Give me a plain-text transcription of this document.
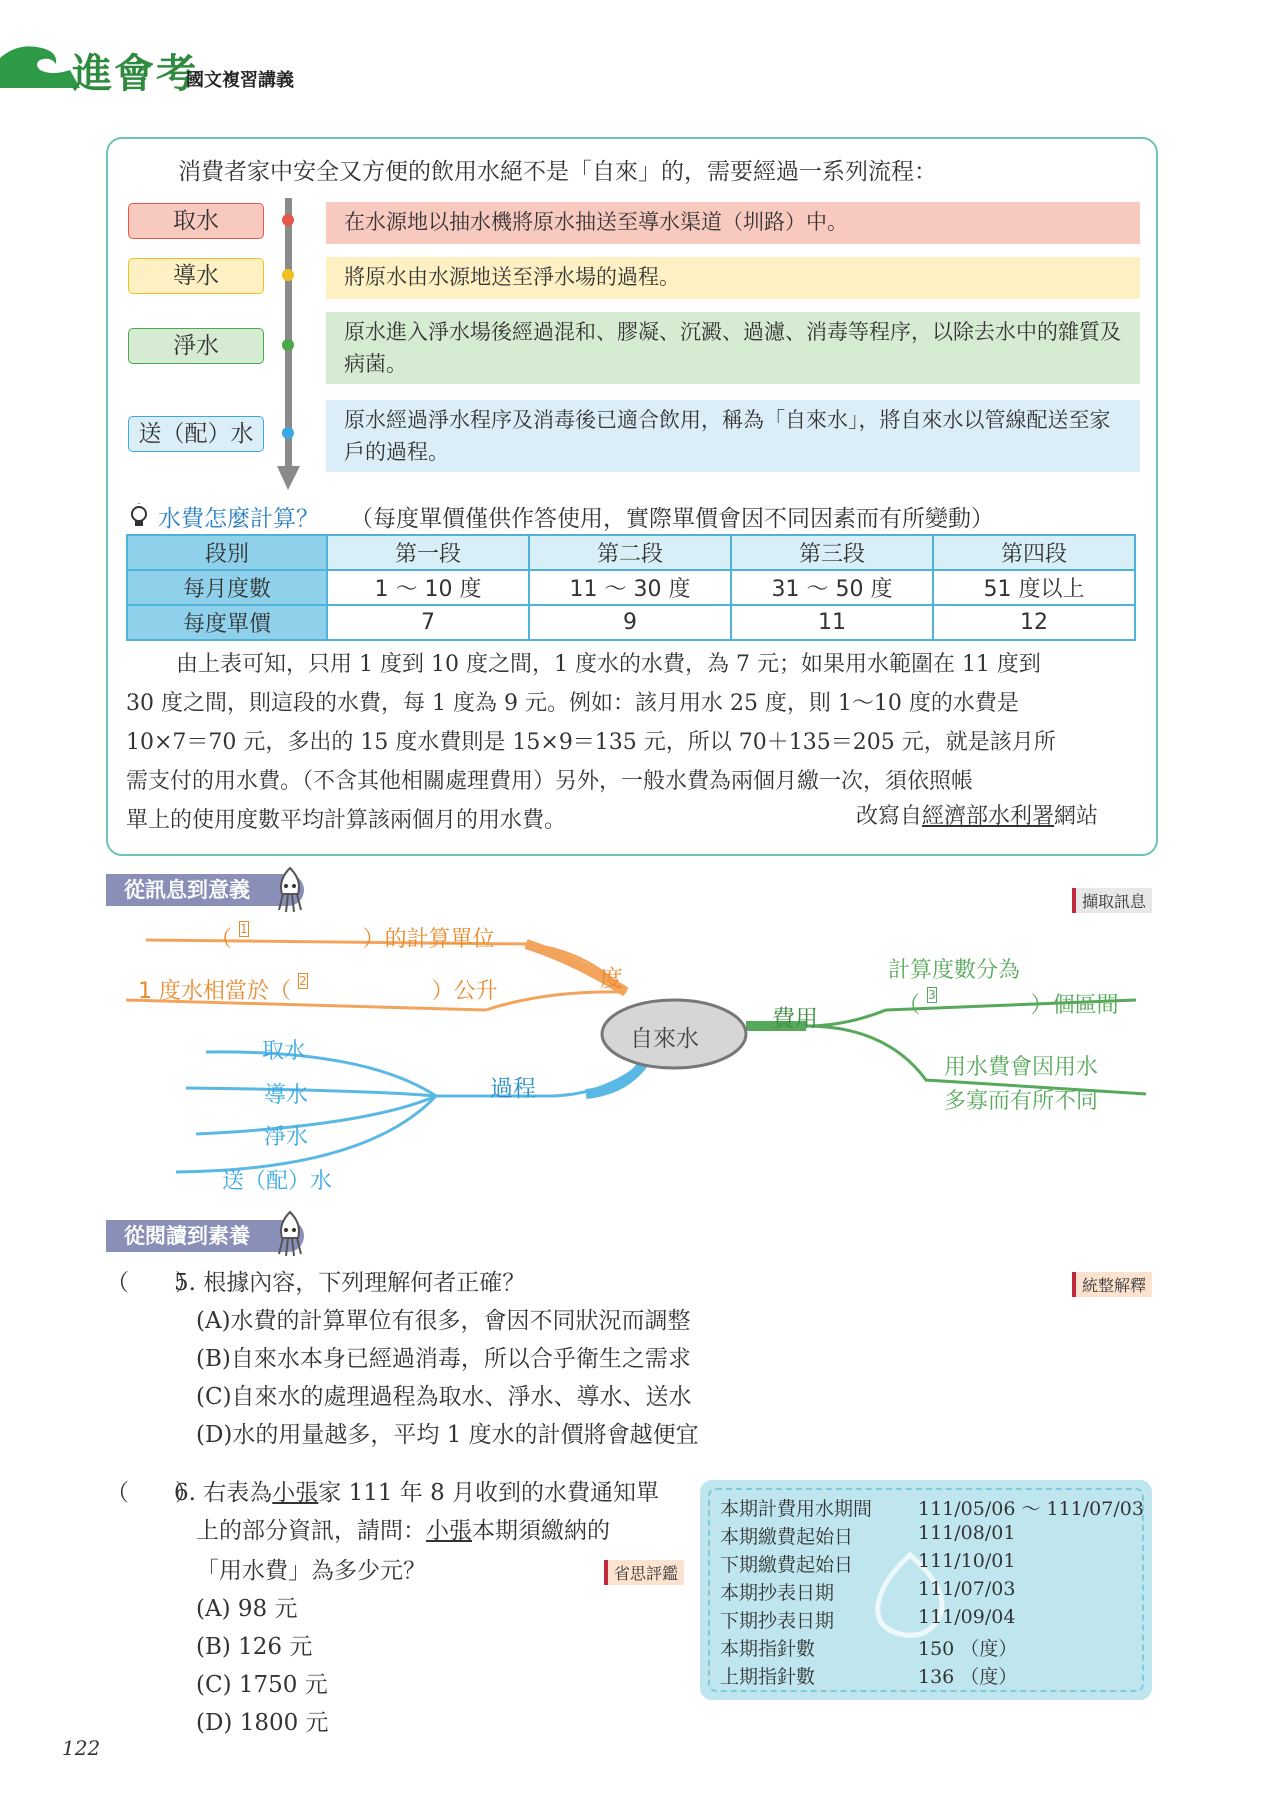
進會考
國文複習講義
消費者家中安全又方便的飲用水絕不是「自來」的，需要經過一系列流程：
取水
導水
淨水
送（配）水
在水源地以抽水機將原水抽送至導水渠道（圳路）中。
將原水由水源地送至淨水場的過程。
原水進入淨水場後經過混和、膠凝、沉澱、過濾、消毒等程序，以除去水中的雜質及病菌。
原水經過淨水程序及消毒後已適合飲用，稱為「自來水」，將自來水以管線配送至家戶的過程。
水費怎麼計算？ （每度單價僅供作答使用，實際單價會因不同因素而有所變動）
段別	第一段	第二段	第三段	第四段
每月度數	1 ～ 10 度	11 ～ 30 度	31 ～ 50 度	51 度以上
每度單價	7	9	11	12

由上表可知，只用 1 度到 10 度之間，1 度水的水費，為 7 元；如果用水範圍在 11 度到

30 度之間，則這段的水費，每 1 度為 9 元。例如：該月用水 25 度，則 1～10 度的水費是

10×7＝70 元，多出的 15 度水費則是 15×9＝135 元，所以 70＋135＝205 元，就是該月所

需支付的用水費。（不含其他相關處理費用）另外，一般水費為兩個月繳一次，須依照帳

單上的使用度數平均計算該兩個月的用水費。	改寫自經濟部水利署網站
從訊息到意義	擷取訊息
自來水
度
（ $^1$	）的計算單位
1 度水相當於（ $^2$	）公升
費用
計算度數分為
（ $^3$	）個區間
用水費會因用水
多寡而有所不同
過程
取水
導水
淨水
送（配）水
從閱讀到素養
統整解釋
（　　）
5. 根據內容，下列理解何者正確？
(A)水費的計算單位有很多，會因不同狀況而調整
(B)自來水本身已經過消毒，所以合乎衛生之需求
(C)自來水的處理過程為取水、淨水、導水、送水
(D)水的用量越多，平均 1 度水的計價將會越便宜
（　　）
6. 右表為小張家 111 年 8 月收到的水費通知單
上的部分資訊，請問：小張本期須繳納的
「用水費」為多少元？	省思評鑑
(A) 98 元
(B) 126 元
(C) 1750 元
(D) 1800 元
本期計費用水期間 111/05/06 ～ 111/07/03
本期繳費起始日	111/08/01
下期繳費起始日	111/10/01
本期抄表日期	111/07/03
下期抄表日期	111/09/04
本期指針數	150 （度）
上期指針數	136 （度）
122
